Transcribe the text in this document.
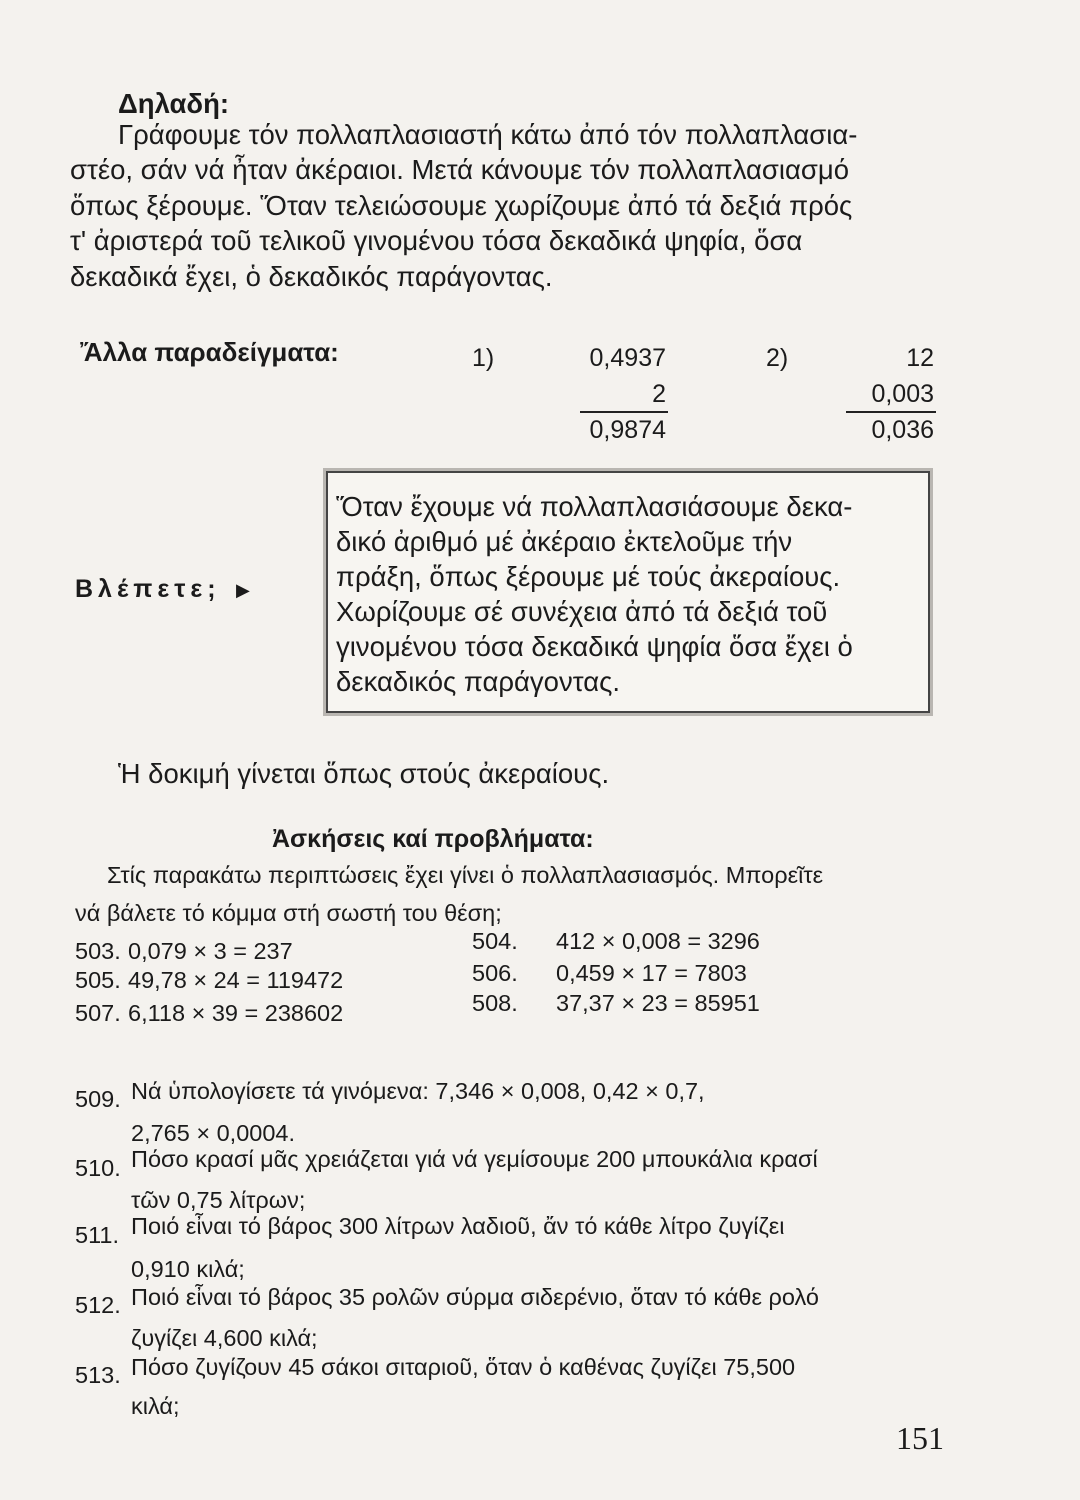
Δηλαδή:
Γράφουμε τόν πολλαπλασιαστή κάτω ἀπό τόν πολλαπλασια-
στέο, σάν νά ἦταν ἀκέραιοι. Μετά κάνουμε τόν πολλαπλασιασμό
ὅπως ξέρουμε. Ὅταν τελειώσουμε χωρίζουμε ἀπό τά δεξιά πρός
τ' ἀριστερά τοῦ τελικοῦ γινομένου τόσα δεκαδικά ψηφία, ὅσα
δεκαδικά ἔχει, ὁ δεκαδικός παράγοντας.
Ἄλλα παραδείγματα:	1)	0,4937
2
0,9874
2)	12
0,003
0,036
Βλέπετε; ▶
Ὅταν ἔχουμε νά πολλαπλασιάσουμε δεκα-
δικό ἀριθμό μέ ἀκέραιο ἐκτελοῦμε τήν
πράξη, ὅπως ξέρουμε μέ τούς ἀκεραίους.
Χωρίζουμε σέ συνέχεια ἀπό τά δεξιά τοῦ
γινομένου τόσα δεκαδικά ψηφία ὅσα ἔχει ὁ
δεκαδικός παράγοντας.
Ἡ δοκιμή γίνεται ὅπως στούς ἀκεραίους.
Ἀσκήσεις καί προβλήματα:
Στίς παρακάτω περιπτώσεις ἔχει γίνει ὁ πολλαπλασιασμός. Μπορεῖτε
νά βάλετε τό κόμμα στή σωστή του θέση;
503. 0,079 × 3 = 237	504. 412 × 0,008 = 3296
505. 49,78 × 24 = 119472	506. 0,459 × 17 = 7803
507. 6,118 × 39 = 238602	508. 37,37 × 23 = 85951
509. Νά ὑπολογίσετε τά γινόμενα: 7,346 × 0,008, 0,42 × 0,7,
2,765 × 0,0004.
510. Πόσο κρασί μᾶς χρειάζεται γιά νά γεμίσουμε 200 μπουκάλια κρασί
τῶν 0,75 λίτρων;
511. Ποιό εἶναι τό βάρος 300 λίτρων λαδιοῦ, ἄν τό κάθε λίτρο ζυγίζει
0,910 κιλά;
512. Ποιό εἶναι τό βάρος 35 ρολῶν σύρμα σιδερένιο, ὅταν τό κάθε ρολό
ζυγίζει 4,600 κιλά;
513. Πόσο ζυγίζουν 45 σάκοι σιταριοῦ, ὅταν ὁ καθένας ζυγίζει 75,500
κιλά;
151
